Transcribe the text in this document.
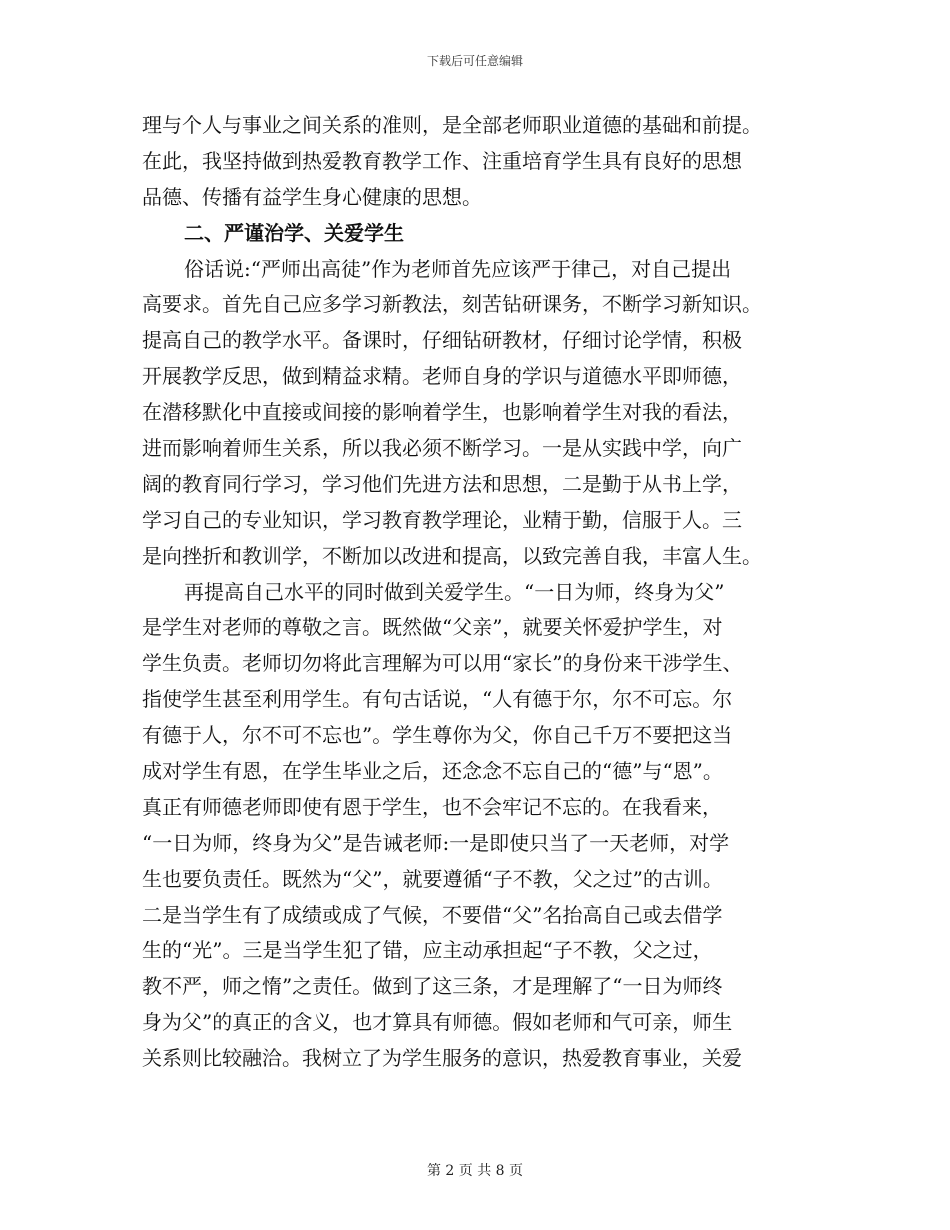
下载后可任意编辑
理与个人与事业之间关系的准则，是全部老师职业道德的基础和前提。
在此，我坚持做到热爱教育教学工作、注重培育学生具有良好的思想
品德、传播有益学生身心健康的思想。
二、严谨治学、关爱学生
俗话说:“严师出高徒”作为老师首先应该严于律己，对自己提出
高要求。首先自己应多学习新教法，刻苦钻研课务，不断学习新知识。
提高自己的教学水平。备课时，仔细钻研教材，仔细讨论学情，积极
开展教学反思，做到精益求精。老师自身的学识与道德水平即师德，
在潜移默化中直接或间接的影响着学生，也影响着学生对我的看法，
进而影响着师生关系，所以我必须不断学习。一是从实践中学，向广
阔的教育同行学习，学习他们先进方法和思想，二是勤于从书上学，
学习自己的专业知识，学习教育教学理论，业精于勤，信服于人。三
是向挫折和教训学，不断加以改进和提高，以致完善自我，丰富人生。
再提高自己水平的同时做到关爱学生。“一日为师，终身为父”
是学生对老师的尊敬之言。既然做“父亲”，就要关怀爱护学生，对
学生负责。老师切勿将此言理解为可以用“家长”的身份来干涉学生、
指使学生甚至利用学生。有句古话说，“人有德于尔，尔不可忘。尔
有德于人，尔不可不忘也”。学生尊你为父，你自己千万不要把这当
成对学生有恩，在学生毕业之后，还念念不忘自己的“德”与“恩”。
真正有师德老师即使有恩于学生，也不会牢记不忘的。在我看来，
“一日为师，终身为父”是告诫老师:一是即使只当了一天老师，对学
生也要负责任。既然为“父”，就要遵循“子不教，父之过”的古训。
二是当学生有了成绩或成了气候，不要借“父”名抬高自己或去借学
生的“光”。三是当学生犯了错，应主动承担起“子不教，父之过，
教不严，师之惰”之责任。做到了这三条，才是理解了“一日为师终
身为父”的真正的含义，也才算具有师德。假如老师和气可亲，师生
关系则比较融洽。我树立了为学生服务的意识，热爱教育事业，关爱
第 2 页 共 8 页
